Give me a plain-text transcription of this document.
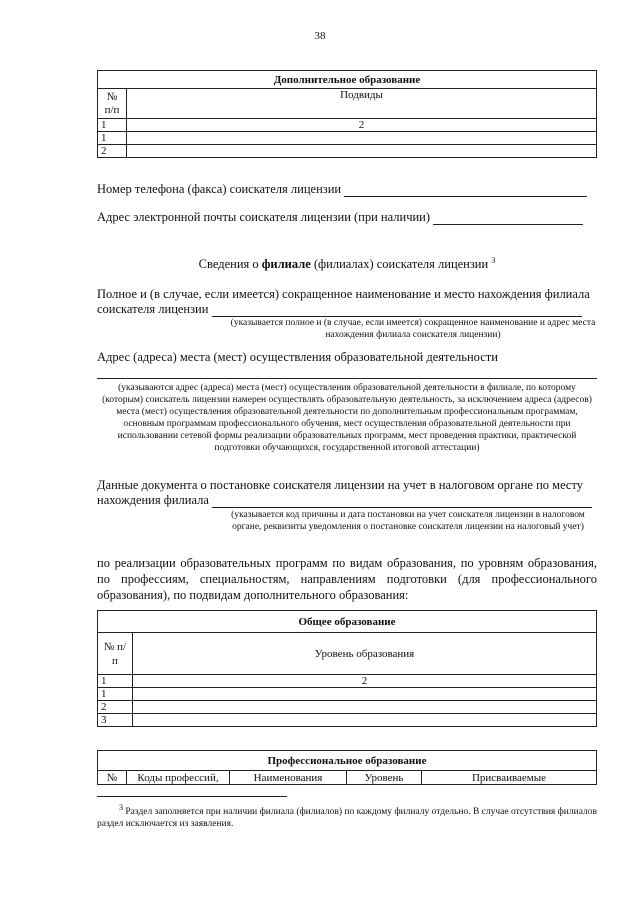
38
Дополнительное образование	
№ п/п	Подвиды
1	2
1	
2	
Номер телефона (факса) соискателя лицензии
Адрес электронной почты соискателя лицензии (при наличии)
Сведения о филиале (филиалах) соискателя лицензии $^3$
Полное и (в случае, если имеется) сокращенное наименование и место нахождения филиала
соискателя лицензии
(указывается полное и (в случае, если имеется) сокращенное наименование и адрес места нахождения филиала соискателя лицензии)
Адрес (адреса) места (мест) осуществления образовательной деятельности
(указываются адрес (адреса) места (мест) осуществления образовательной деятельности в филиале, по которому (которым) соискатель лицензии намерен осуществлять образовательную деятельность, за исключением адреса (адресов) места (мест) осуществления образовательной деятельности по дополнительным профессиональным программам, основным программам профессионального обучения, мест осуществления образовательной деятельности при использовании сетевой формы реализации образовательных программ, мест проведения практики, практической подготовки обучающихся, государственной итоговой аттестации)
Данные документа о постановке соискателя лицензии на учет в налоговом органе по месту
нахождения филиала
(указывается код причины и дата постановки на учет соискателя лицензии в налоговом органе, реквизиты уведомления о постановке соискателя лицензии на налоговый учет)
по реализации образовательных программ по видам образования, по уровням образования, по профессиям, специальностям, направлениям подготовки (для профессионального образования), по подвидам дополнительного образования:
Общее образование	
№ п/п	Уровень образования
1	2
1	
2	
3	
Профессиональное образование
№	Коды профессий,	Наименования	Уровень	Присваиваемые
$^3$ Раздел заполняется при наличии филиала (филиалов) по каждому филиалу отдельно. В случае отсутствия филиалов раздел исключается из заявления.
